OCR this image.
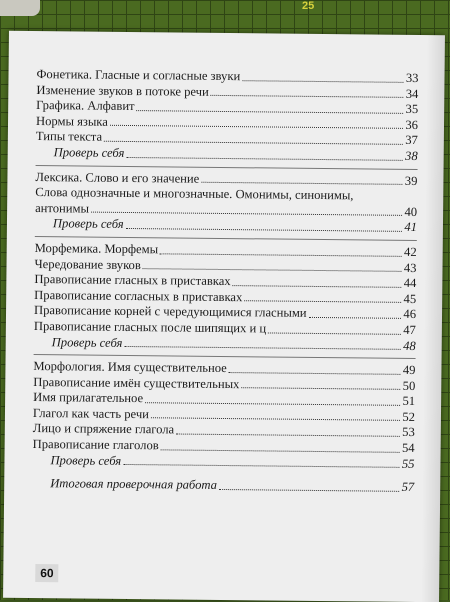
25
Фонетика. Гласные и согласные звуки	33
Изменение звуков в потоке речи	34
Графика. Алфавит	35
Нормы языка	36
Типы текста	37
Проверь себя	38
Лексика. Слово и его значение	39
Слова однозначные и многозначные. Омонимы, синонимы,
антонимы	40
Проверь себя	41
Морфемика. Морфемы	42
Чередование звуков	43
Правописание гласных в приставках	44
Правописание согласных в приставках	45
Правописание корней с чередующимися гласными	46
Правописание гласных после шипящих и ц	47
Проверь себя	48
Морфология. Имя существительное	49
Правописание имён существительных	50
Имя прилагательное	51
Глагол как часть речи	52
Лицо и спряжение глагола	53
Правописание глаголов	54
Проверь себя	55
Итоговая проверочная работа	57
60
